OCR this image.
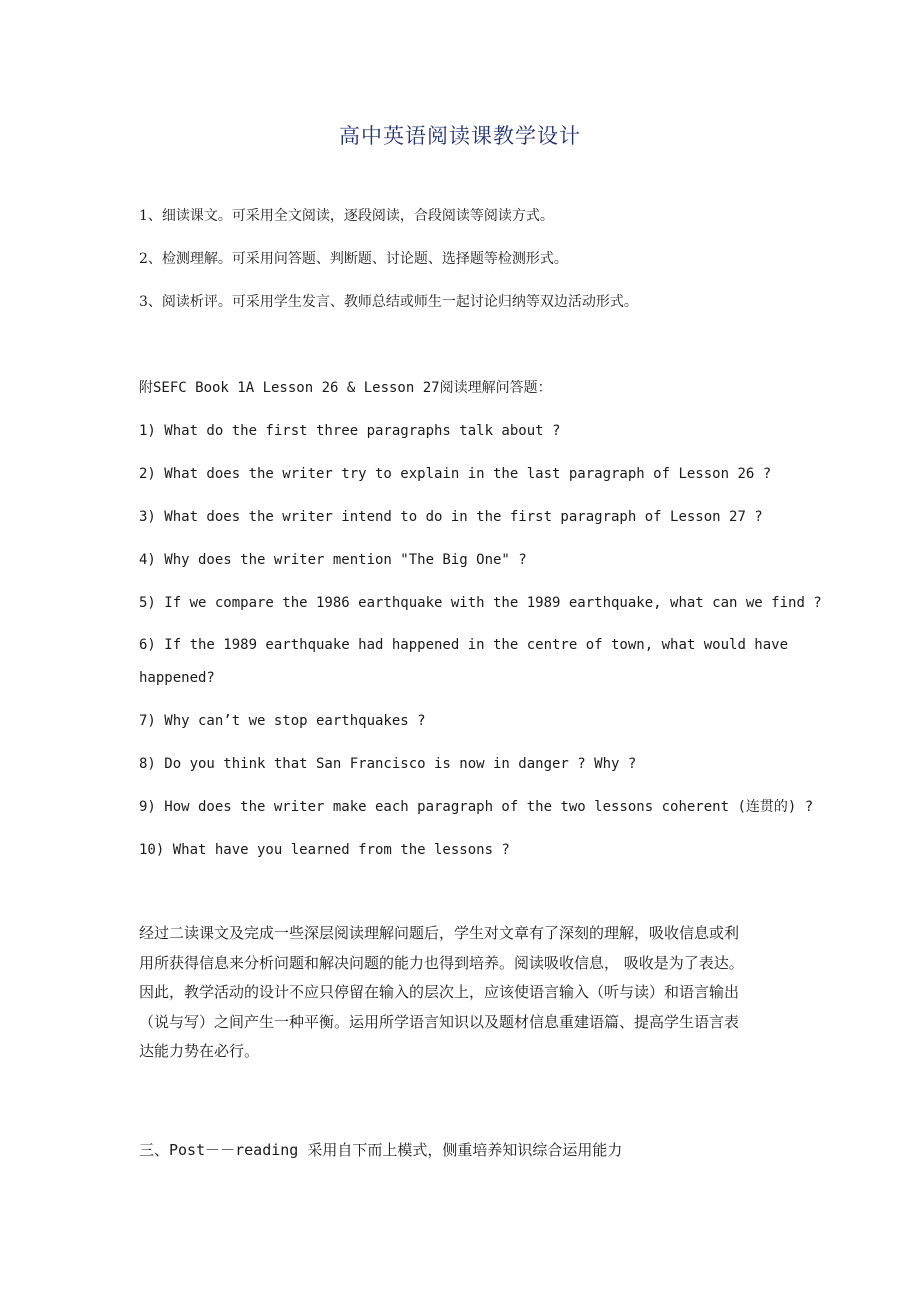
高中英语阅读课教学设计
1、细读课文。可采用全文阅读，逐段阅读，合段阅读等阅读方式。
2、检测理解。可采用问答题、判断题、讨论题、选择题等检测形式。
3、阅读析评。可采用学生发言、教师总结或师生一起讨论归纳等双边活动形式。
附SEFC Book 1A Lesson 26 & Lesson 27阅读理解问答题：
1) What do the first three paragraphs talk about ?
2) What does the writer try to explain in the last paragraph of Lesson 26 ?
3) What does the writer intend to do in the first paragraph of Lesson 27 ?
4) Why does the writer mention "The Big One" ?
5) If we compare the 1986 earthquake with the 1989 earthquake, what can we find ?
6) If the 1989 earthquake had happened in the centre of town, what would have
happened?
7) Why can’t we stop earthquakes ?
8) Do you think that San Francisco is now in danger ? Why ?
9) How does the writer make each paragraph of the two lessons coherent (连贯的) ?
10) What have you learned from the lessons ?

经过二读课文及完成一些深层阅读理解问题后，学生对文章有了深刻的理解，吸收信息或利

用所获得信息来分析问题和解决问题的能力也得到培养。阅读吸收信息， 吸收是为了表达。

因此，教学活动的设计不应只停留在输入的层次上，应该使语言输入（听与读）和语言输出

（说与写）之间产生一种平衡。运用所学语言知识以及题材信息重建语篇、提高学生语言表

达能力势在必行。

三、Post－－reading 采用自下而上模式，侧重培养知识综合运用能力
